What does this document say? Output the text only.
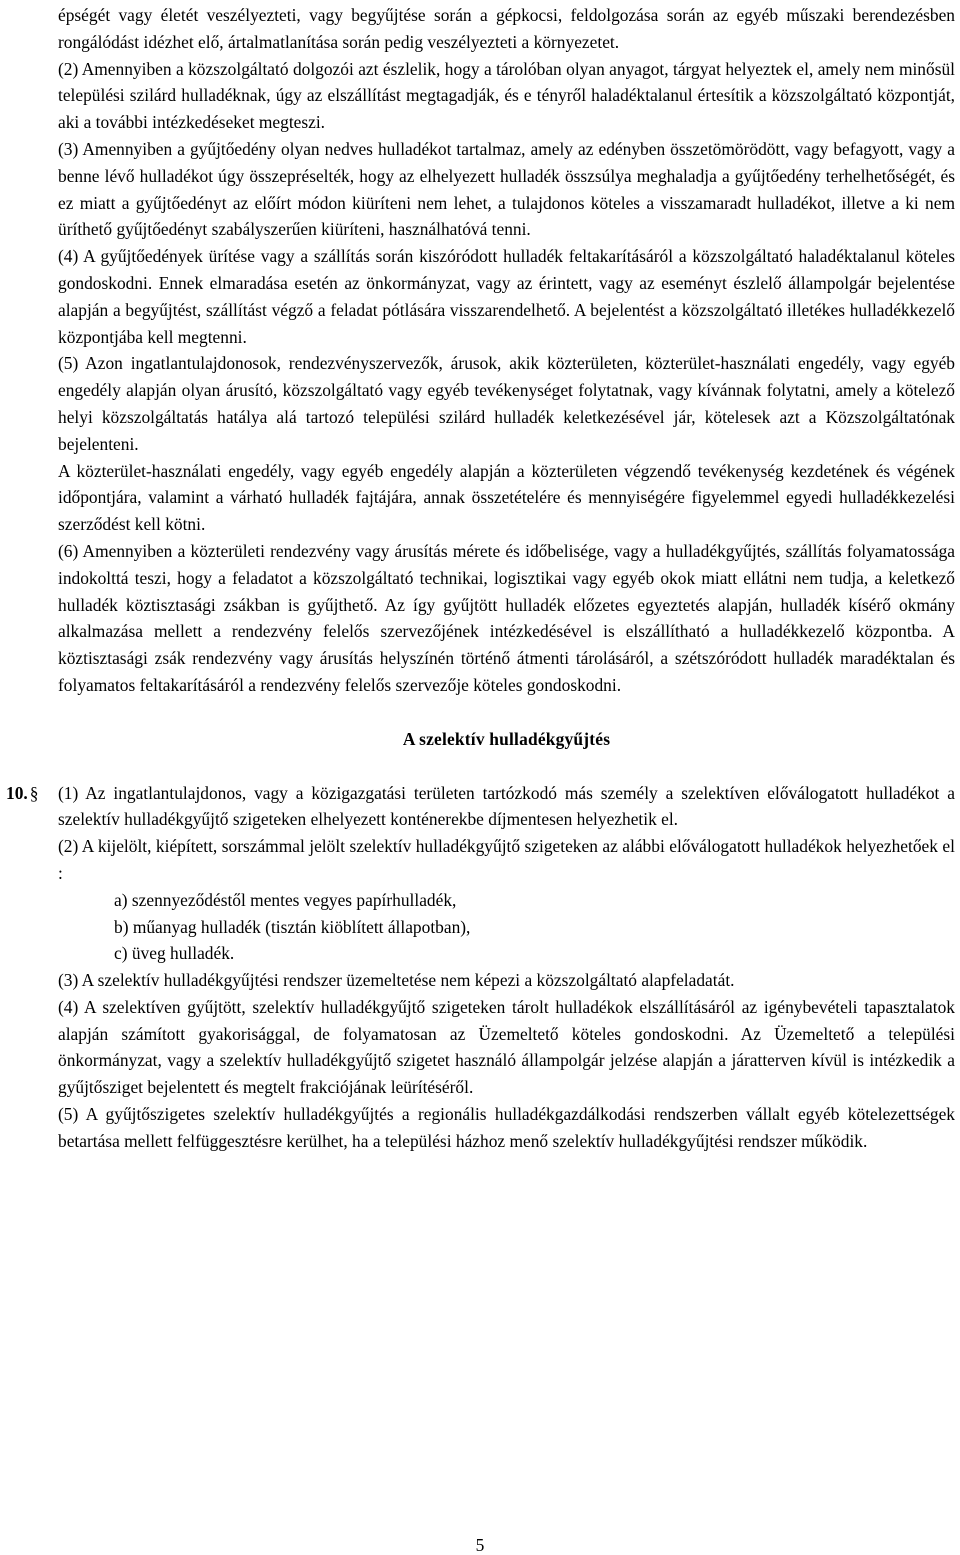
épségét vagy életét veszélyezteti, vagy begyűjtése során a gépkocsi, feldolgozása során az egyéb műszaki berendezésben rongálódást idézhet elő, ártalmatlanítása során pedig veszélyezteti a környezetet.

(2) Amennyiben a közszolgáltató dolgozói azt észlelik, hogy a tárolóban olyan anyagot, tárgyat helyeztek el, amely nem minősül települési szilárd hulladéknak, úgy az elszállítást megtagadják, és e tényről haladéktalanul értesítik a közszolgáltató központját, aki a további intézkedéseket megteszi.

(3) Amennyiben a gyűjtőedény olyan nedves hulladékot tartalmaz, amely az edényben összetömörödött, vagy befagyott, vagy a benne lévő hulladékot úgy összepréselték, hogy az elhelyezett hulladék összsúlya meghaladja a gyűjtőedény terhelhetőségét, és ez miatt a gyűjtőedényt az előírt módon kiüríteni nem lehet, a tulajdonos köteles a visszamaradt hulladékot, illetve a ki nem üríthető gyűjtőedényt szabályszerűen kiüríteni, használhatóvá tenni.

(4) A gyűjtőedények ürítése vagy a szállítás során kiszóródott hulladék feltakarításáról a közszolgáltató haladéktalanul köteles gondoskodni. Ennek elmaradása esetén az önkormányzat, vagy az érintett, vagy az eseményt észlelő állampolgár bejelentése alapján a begyűjtést, szállítást végző a feladat pótlására visszarendelhető. A bejelentést a közszolgáltató illetékes hulladékkezelő központjába kell megtenni.

(5) Azon ingatlantulajdonosok, rendezvényszervezők, árusok, akik közterületen, közterület-használati engedély, vagy egyéb engedély alapján olyan árusító, közszolgáltató vagy egyéb tevékenységet folytatnak, vagy kívánnak folytatni, amely a kötelező helyi közszolgáltatás hatálya alá tartozó települési szilárd hulladék keletkezésével jár, kötelesek azt a Közszolgáltatónak bejelenteni.

A közterület-használati engedély, vagy egyéb engedély alapján a közterületen végzendő tevékenység kezdetének és végének időpontjára, valamint a várható hulladék fajtájára, annak összetételére és mennyiségére figyelemmel egyedi hulladékkezelési szerződést kell kötni.

(6) Amennyiben a közterületi rendezvény vagy árusítás mérete és időbelisége, vagy a hulladékgyűjtés, szállítás folyamatossága indokolttá teszi, hogy a feladatot a közszolgáltató technikai, logisztikai vagy egyéb okok miatt ellátni nem tudja, a keletkező hulladék köztisztasági zsákban is gyűjthető. Az így gyűjtött hulladék előzetes egyeztetés alapján, hulladék kísérő okmány alkalmazása mellett a rendezvény felelős szervezőjének intézkedésével is elszállítható a hulladékkezelő központba. A köztisztasági zsák rendezvény vagy árusítás helyszínén történő átmenti tárolásáról, a szétszóródott hulladék maradéktalan és folyamatos feltakarításáról a rendezvény felelős szervezője köteles gondoskodni.

A szelektív hulladékgyűjtés
10. § (1) Az ingatlantulajdonos, vagy a közigazgatási területen tartózkodó más személy a szelektíven előválogatott hulladékot a szelektív hulladékgyűjtő szigeteken elhelyezett konténerekbe díjmentesen helyezhetik el.

(2) A kijelölt, kiépített, sorszámmal jelölt szelektív hulladékgyűjtő szigeteken az alábbi előválogatott hulladékok helyezhetőek el :

a) szennyeződéstől mentes vegyes papírhulladék,

b) műanyag hulladék (tisztán kiöblített állapotban),

c) üveg hulladék.

(3) A szelektív hulladékgyűjtési rendszer üzemeltetése nem képezi a közszolgáltató alapfeladatát.

(4) A szelektíven gyűjtött, szelektív hulladékgyűjtő szigeteken tárolt hulladékok elszállításáról az igénybevételi tapasztalatok alapján számított gyakorisággal, de folyamatosan az Üzemeltető köteles gondoskodni. Az Üzemeltető a települési önkormányzat, vagy a szelektív hulladékgyűjtő szigetet használó állampolgár jelzése alapján a járatterven kívül is intézkedik a gyűjtősziget bejelentett és megtelt frakciójának leürítéséről.

(5) A gyűjtőszigetes szelektív hulladékgyűjtés a regionális hulladékgazdálkodási rendszerben vállalt egyéb kötelezettségek betartása mellett felfüggesztésre kerülhet, ha a települési házhoz menő szelektív hulladékgyűjtési rendszer működik.

5
